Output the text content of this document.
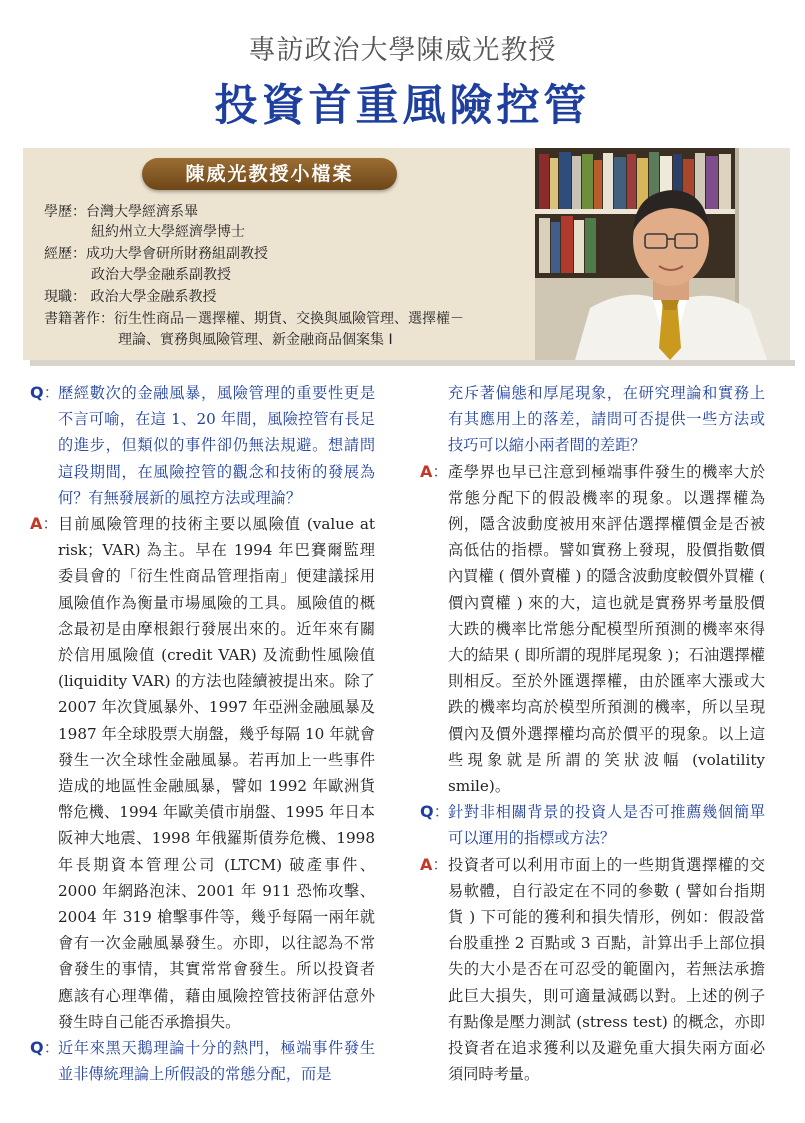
專訪政治大學陳威光教授
投資首重風險控管
陳威光教授小檔案
學歷：台灣大學經濟系畢
紐約州立大學經濟學博士
經歷：成功大學會研所財務組副教授
政治大學金融系副教授
現職： 政治大學金融系教授
書籍著作：衍生性商品－選擇權、期貨、交換與風險管理、選擇權－
理論、實務與風險管理、新金融商品個案集 I
Q：
歷經數次的金融風暴，風險管理的重要性更是不言可喻，在這 1、20 年間，風險控管有長足的進步，但類似的事件卻仍無法規避。想請問這段期間，在風險控管的觀念和技術的發展為何？有無發展新的風控方法或理論？
A： 目前風險管理的技術主要以風險值 (value at risk；VAR) 為主。早在 1994 年巴賽爾監理委員會的「衍生性商品管理指南」便建議採用風險值作為衡量市場風險的工具。風險值的概念最初是由摩根銀行發展出來的。近年來有關於信用風險值 (credit VAR) 及流動性風險值 (liquidity VAR) 的方法也陸續被提出來。除了 2007 年次貸風暴外、1997 年亞洲金融風暴及 1987 年全球股票大崩盤，幾乎每隔 10 年就會發生一次全球性金融風暴。若再加上一些事件造成的地區性金融風暴，譬如 1992 年歐洲貨幣危機、1994 年歐美債市崩盤、1995 年日本阪神大地震、1998 年俄羅斯債券危機、1998 年長期資本管理公司 (LTCM) 破產事件、2000 年網路泡沫、2001 年 911 恐怖攻擊、2004 年 319 槍擊事件等，幾乎每隔一兩年就會有一次金融風暴發生。亦即，以往認為不常會發生的事情，其實常常會發生。所以投資者應該有心理準備，藉由風險控管技術評估意外發生時自己能否承擔損失。
Q：
近年來黑天鵝理論十分的熱門，極端事件發生並非傳統理論上所假設的常態分配，而是
充斥著偏態和厚尾現象，在研究理論和實務上有其應用上的落差，請問可否提供一些方法或技巧可以縮小兩者間的差距？
A： 產學界也早已注意到極端事件發生的機率大於常態分配下的假設機率的現象。以選擇權為例，隱含波動度被用來評估選擇權價金是否被高低估的指標。譬如實務上發現，股價指數價內買權 ( 價外賣權 ) 的隱含波動度較價外買權 ( 價內賣權 ) 來的大，這也就是實務界考量股價大跌的機率比常態分配模型所預測的機率來得大的結果 ( 即所謂的現胖尾現象 )；石油選擇權則相反。至於外匯選擇權，由於匯率大漲或大跌的機率均高於模型所預測的機率，所以呈現價內及價外選擇權均高於價平的現象。以上這些現象就是所謂的笑狀波幅 (volatility smile)。
Q：
針對非相關背景的投資人是否可推薦幾個簡單可以運用的指標或方法？
A： 投資者可以利用市面上的一些期貨選擇權的交易軟體，自行設定在不同的參數 ( 譬如台指期貨 ) 下可能的獲利和損失情形，例如：假設當台股重挫 2 百點或 3 百點，計算出手上部位損失的大小是否在可忍受的範圍內，若無法承擔此巨大損失，則可適量減碼以對。上述的例子有點像是壓力測試 (stress test) 的概念，亦即投資者在追求獲利以及避免重大損失兩方面必須同時考量。
